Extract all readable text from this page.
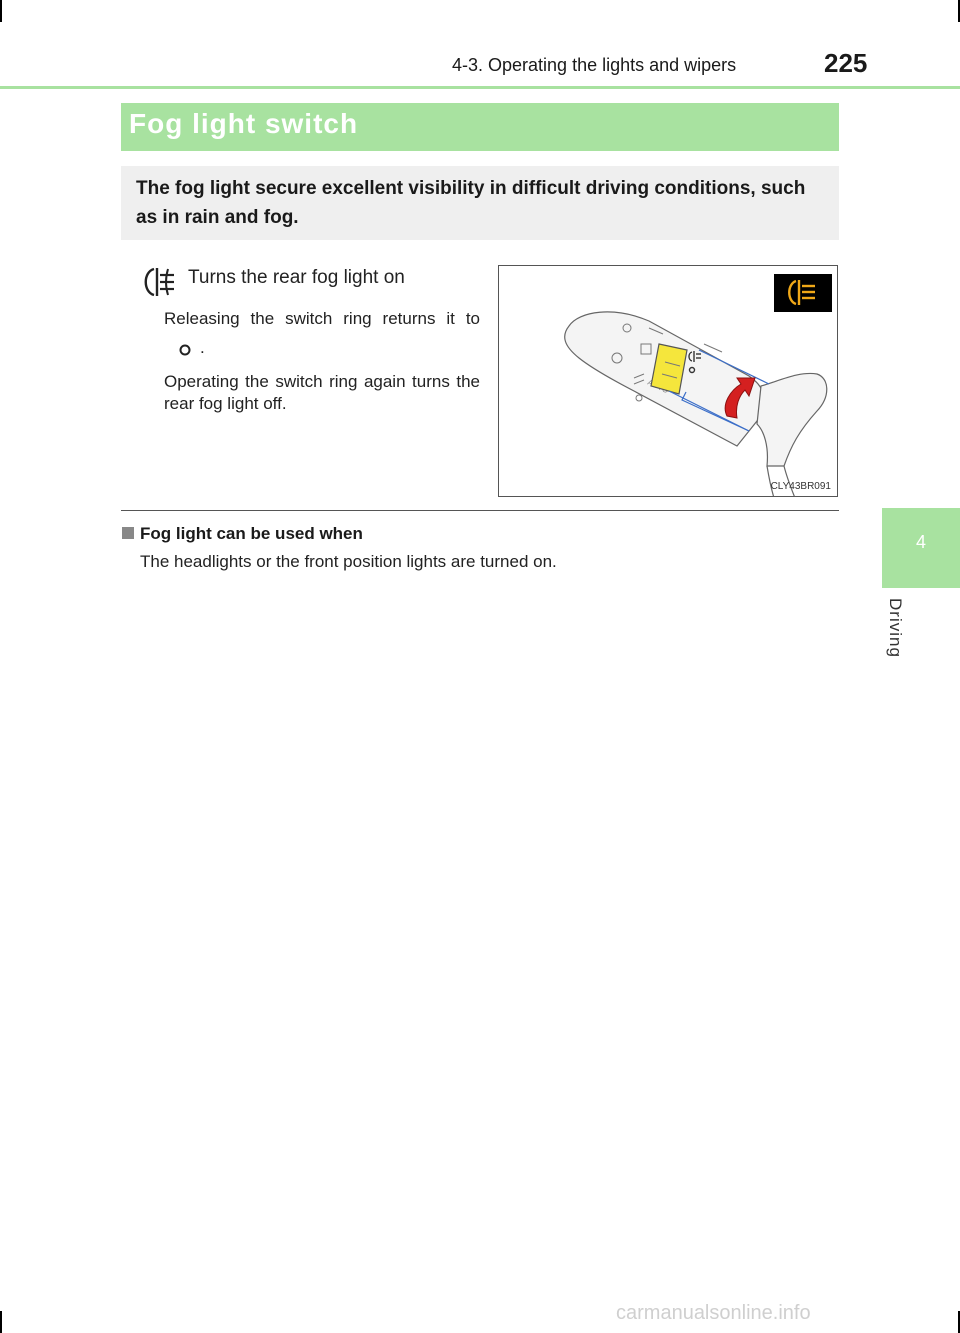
4-3. Operating the lights and wipers	225
4
Driving
Fog light switch
The fog light secure excellent visibility in difficult driving conditions, such as in rain and fog.
Turns the rear fog light on
Releasing the switch ring returns it to
.
Operating the switch ring again turns the rear fog light off.
CLY43BR091
Fog light can be used when
The headlights or the front position lights are turned on.
carmanualsonline.info
